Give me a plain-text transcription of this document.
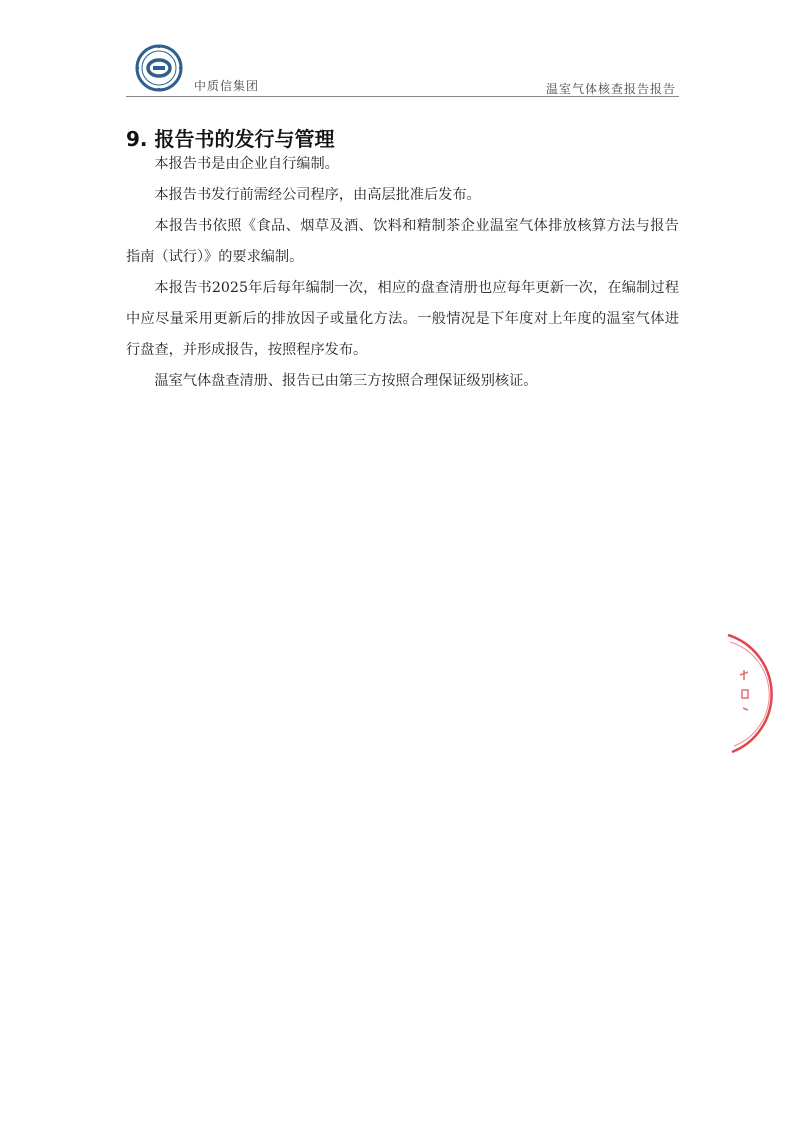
中质信集团	温室气体核查报告报告
9. 报告书的发行与管理

本报告书是由企业自行编制。

本报告书发行前需经公司程序，由高层批准后发布。

本报告书依照《食品、烟草及酒、饮料和精制茶企业温室气体排放核算方法与报告指南（试行）》的要求编制。

本报告书2025年后每年编制一次，相应的盘查清册也应每年更新一次，在编制过程中应尽量采用更新后的排放因子或量化方法。一般情况是下年度对上年度的温室气体进行盘查，并形成报告，按照程序发布。

温室气体盘查清册、报告已由第三方按照合理保证级别核证。
